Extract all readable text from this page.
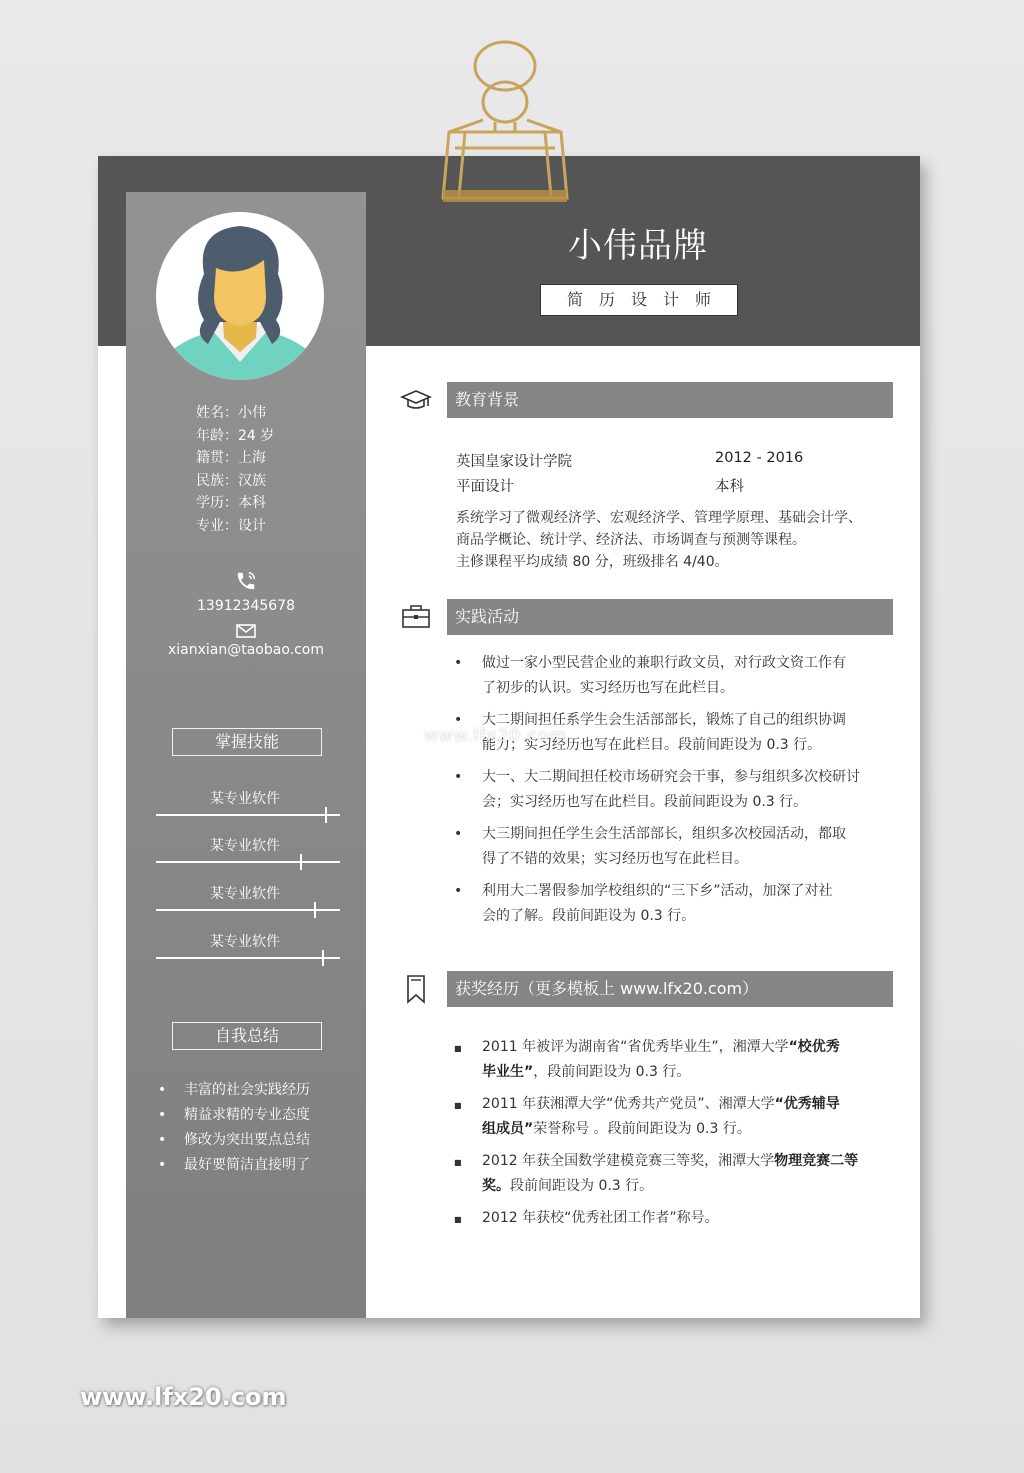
姓名：小伟
年龄：24 岁
籍贯：上海
民族：汉族
学历：本科
专业：设计
13912345678
xianxian@taobao.com
掌握技能
某专业软件
某专业软件
某专业软件
某专业软件
自我总结
• 丰富的社会实践经历
• 精益求精的专业态度
• 修改为突出要点总结
• 最好要简洁直接明了
小伟品牌
简历设计师
教育背景
英国皇家设计学院	2012 - 2016
平面设计	本科
系统学习了微观经济学、宏观经济学、管理学原理、基础会计学、
商品学概论、统计学、经济法、市场调查与预测等课程。
主修课程平均成绩 80 分，班级排名 4/40。
实践活动
• 做过一家小型民营企业的兼职行政文员，对行政文资工作有
了初步的认识。实习经历也写在此栏目。
• 大二期间担任系学生会生活部部长，锻炼了自己的组织协调
能力；实习经历也写在此栏目。段前间距设为 0.3 行。
• 大一、大二期间担任校市场研究会干事，参与组织多次校研讨
会；实习经历也写在此栏目。段前间距设为 0.3 行。
• 大三期间担任学生会生活部部长，组织多次校园活动，都取
得了不错的效果；实习经历也写在此栏目。
• 利用大二署假参加学校组织的“三下乡”活动，加深了对社
会的了解。段前间距设为 0.3 行。
获奖经历（更多模板上 www.lfx20.com）
■ 2011 年被评为湖南省“省优秀毕业生”，湘潭大学“校优秀
毕业生”，段前间距设为 0.3 行。
■ 2011 年获湘潭大学“优秀共产党员”、湘潭大学“优秀辅导
组成员”荣誉称号 。段前间距设为 0.3 行。
■ 2012 年获全国数学建模竞赛三等奖，湘潭大学物理竞赛二等
奖。段前间距设为 0.3 行。
■ 2012 年获校“优秀社团工作者”称号。
www.lfx20.com
www.lfx20.com
